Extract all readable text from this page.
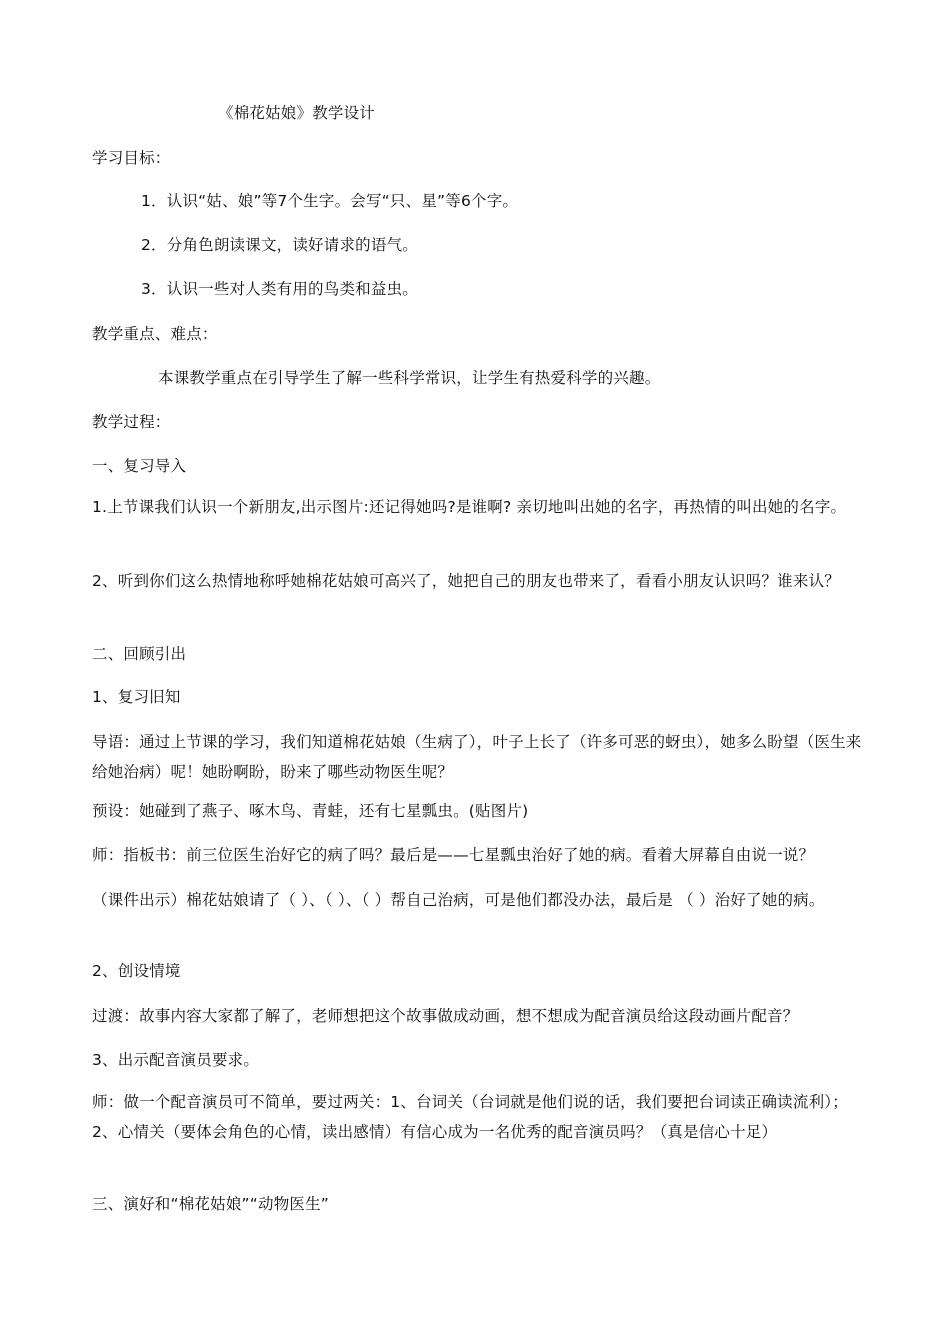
《棉花姑娘》教学设计
学习目标：
1．认识“姑、娘”等7个生字。会写“只、星”等6个字。
2．分角色朗读课文，读好请求的语气。
3．认识一些对人类有用的鸟类和益虫。
教学重点、难点：
本课教学重点在引导学生了解一些科学常识，让学生有热爱科学的兴趣。
教学过程：
一、复习导入
1.上节课我们认识一个新朋友,出示图片:还记得她吗?是谁啊? 亲切地叫出她的名字，再热情的叫出她的名字。
2、听到你们这么热情地称呼她棉花姑娘可高兴了，她把自己的朋友也带来了，看看小朋友认识吗？谁来认？
二、回顾引出
1、复习旧知
导语：通过上节课的学习，我们知道棉花姑娘（生病了），叶子上长了（许多可恶的蚜虫），她多么盼望（医生来给她治病）呢！她盼啊盼，盼来了哪些动物医生呢？
预设：她碰到了燕子、啄木鸟、青蛙，还有七星瓢虫。(贴图片)
师：指板书：前三位医生治好它的病了吗？最后是——七星瓢虫治好了她的病。看着大屏幕自由说一说？
（课件出示）棉花姑娘请了（ ）、（ ）、（ ）帮自己治病，可是他们都没办法，最后是 （ ）治好了她的病。
2、创设情境
过渡：故事内容大家都了解了，老师想把这个故事做成动画，想不想成为配音演员给这段动画片配音？
3、出示配音演员要求。
师：做一个配音演员可不简单，要过两关：1、台词关（台词就是他们说的话，我们要把台词读正确读流利）；2、心情关（要体会角色的心情，读出感情）有信心成为一名优秀的配音演员吗？（真是信心十足）
三、演好和“棉花姑娘”“动物医生”
